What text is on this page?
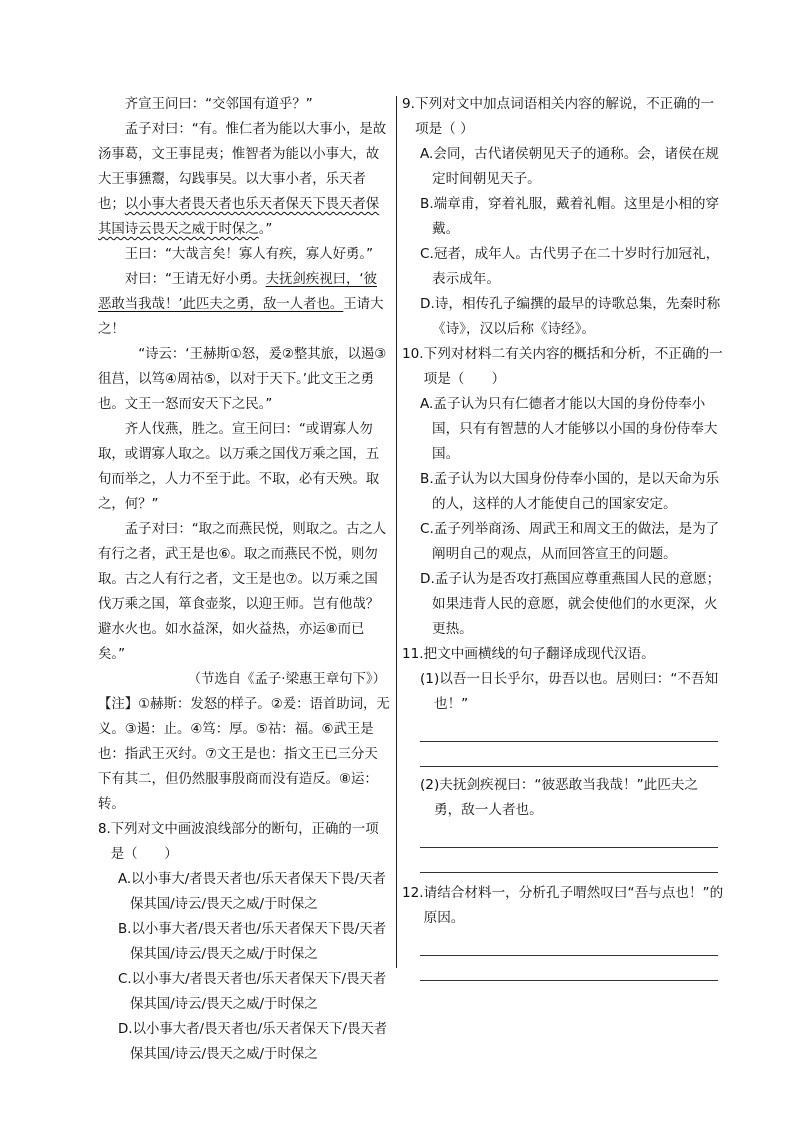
齐宣王问曰：“交邻国有道乎？”

孟子对曰：“有。惟仁者为能以大事小，是故汤事葛，文王事昆夷；惟智者为能以小事大，故大王事獯鬻，勾践事吴。以大事小者，乐天者也；以小事大者畏天者也乐天者保天下畏天者保其国诗云畏天之威于时保之。”

王曰：“大哉言矣！寡人有疾，寡人好勇。”

对曰：“王请无好小勇。夫抚剑疾视曰，‘彼恶敢当我哉！’此匹夫之勇，敌一人者也。王请大之！

“诗云：‘王赫斯①怒，爰②整其旅，以遏③徂莒，以笃④周祜⑤，以对于天下。’此文王之勇也。文王一怒而安天下之民。”

齐人伐燕，胜之。宣王问曰：“或谓寡人勿取，或谓寡人取之。以万乘之国伐万乘之国，五旬而举之，人力不至于此。不取，必有天殃。取之，何？”

孟子对曰：“取之而燕民悦，则取之。古之人有行之者，武王是也⑥。取之而燕民不悦，则勿取。古之人有行之者，文王是也⑦。以万乘之国伐万乘之国，箪食壶浆，以迎王师。岂有他哉？避水火也。如水益深，如火益热，亦运⑧而已矣。”

（节选自《孟子·梁惠王章句下》）

【注】①赫斯：发怒的样子。②爰：语首助词，无义。③遏：止。④笃：厚。⑤祜：福。⑥武王是也：指武王灭纣。⑦文王是也：指文王已三分天下有其二，但仍然服事殷商而没有造反。⑧运：转。

8. 下列对文中画波浪线部分的断句，正确的一项是（　　）

A.以小事大/者畏天者也/乐天者保天下畏/天者保其国/诗云/畏天之威/于时保之

B.以小事大者/畏天者也/乐天者保天下畏/天者保其国/诗云/畏天之威/于时保之

C.以小事大/者畏天者也/乐天者保天下/畏天者保其国/诗云/畏天之威/于时保之

D.以小事大者/畏天者也/乐天者保天下/畏天者保其国/诗云/畏天之威/于时保之

9. 下列对文中加点词语相关内容的解说，不正确的一项是（ ）

A.会同，古代诸侯朝见天子的通称。会，诸侯在规定时间朝见天子。

B.端章甫，穿着礼服，戴着礼帽。这里是小相的穿戴。

C.冠者，成年人。古代男子在二十岁时行加冠礼，表示成年。

D.诗，相传孔子编撰的最早的诗歌总集，先秦时称《诗》，汉以后称《诗经》。

10. 下列对材料二有关内容的概括和分析，不正确的一项是（　　）

A.孟子认为只有仁德者才能以大国的身份侍奉小国，只有有智慧的人才能够以小国的身份侍奉大国。

B.孟子认为以大国身份侍奉小国的，是以天命为乐的人，这样的人才能使自己的国家安定。

C.孟子列举商汤、周武王和周文王的做法，是为了阐明自己的观点，从而回答宣王的问题。

D.孟子认为是否攻打燕国应尊重燕国人民的意愿；如果违背人民的意愿，就会使他们的水更深，火更热。

11. 把文中画横线的句子翻译成现代汉语。

(1)以吾一日长乎尔，毋吾以也。居则曰：“不吾知也！”

(2)夫抚剑疾视曰：“彼恶敢当我哉！”此匹夫之勇，敌一人者也。

12. 请结合材料一，分析孔子喟然叹曰“吾与点也！”的原因。
